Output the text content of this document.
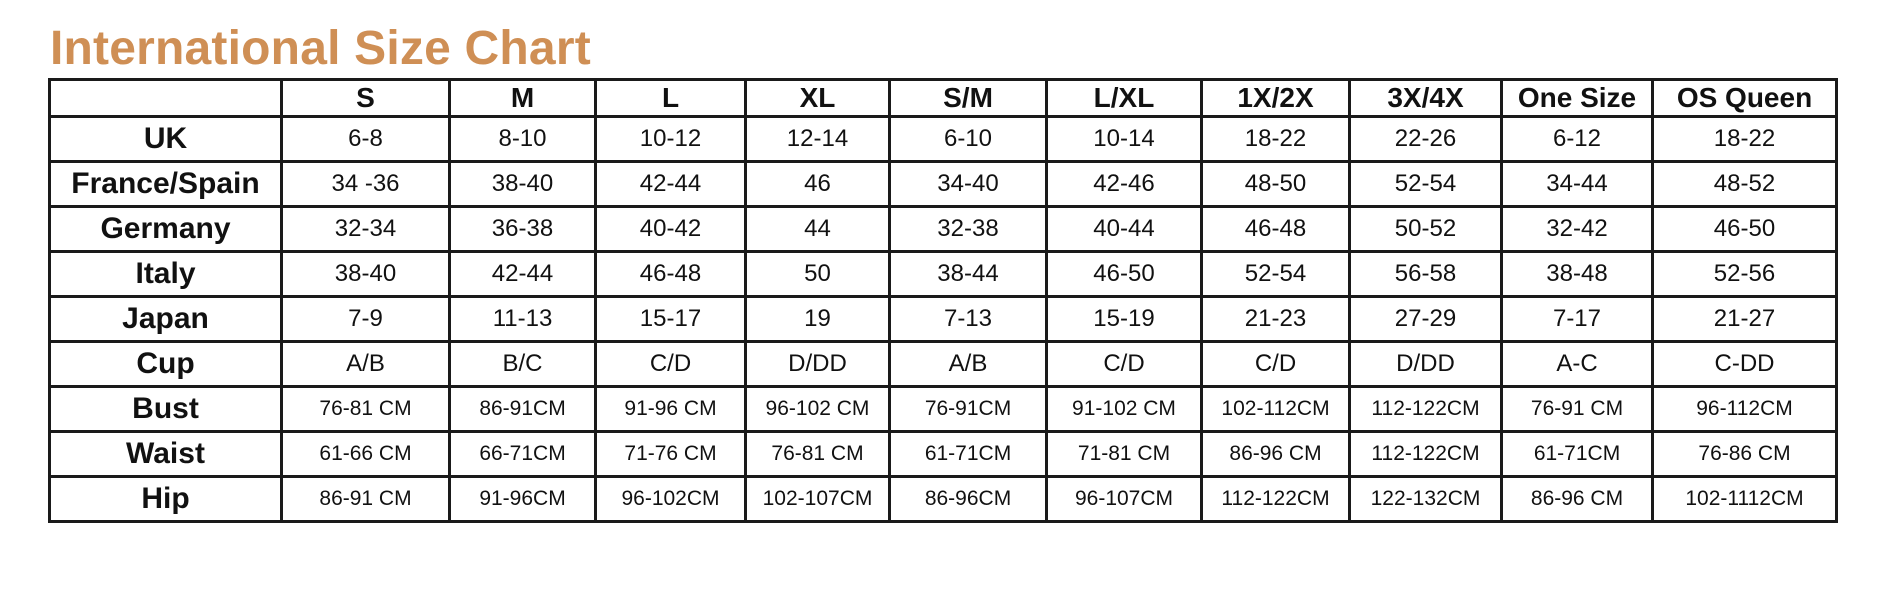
International Size Chart
	S	M	L	XL	S/M	L/XL	1X/2X	3X/4X	One Size	OS Queen
UK	6-8	8-10	10-12	12-14	6-10	10-14	18-22	22-26	6-12	18-22
France/Spain	34 -36	38-40	42-44	46	34-40	42-46	48-50	52-54	34-44	48-52
Germany	32-34	36-38	40-42	44	32-38	40-44	46-48	50-52	32-42	46-50
Italy	38-40	42-44	46-48	50	38-44	46-50	52-54	56-58	38-48	52-56
Japan	7-9	11-13	15-17	19	7-13	15-19	21-23	27-29	7-17	21-27
Cup	A/B	B/C	C/D	D/DD	A/B	C/D	C/D	D/DD	A-C	C-DD
Bust	76-81 CM	86-91CM	91-96 CM	96-102 CM	76-91CM	91-102 CM	102-112CM	112-122CM	76-91 CM	96-112CM
Waist	61-66 CM	66-71CM	71-76 CM	76-81 CM	61-71CM	71-81 CM	86-96 CM	112-122CM	61-71CM	76-86 CM
Hip	86-91 CM	91-96CM	96-102CM	102-107CM	86-96CM	96-107CM	112-122CM	122-132CM	86-96 CM	102-1112CM
